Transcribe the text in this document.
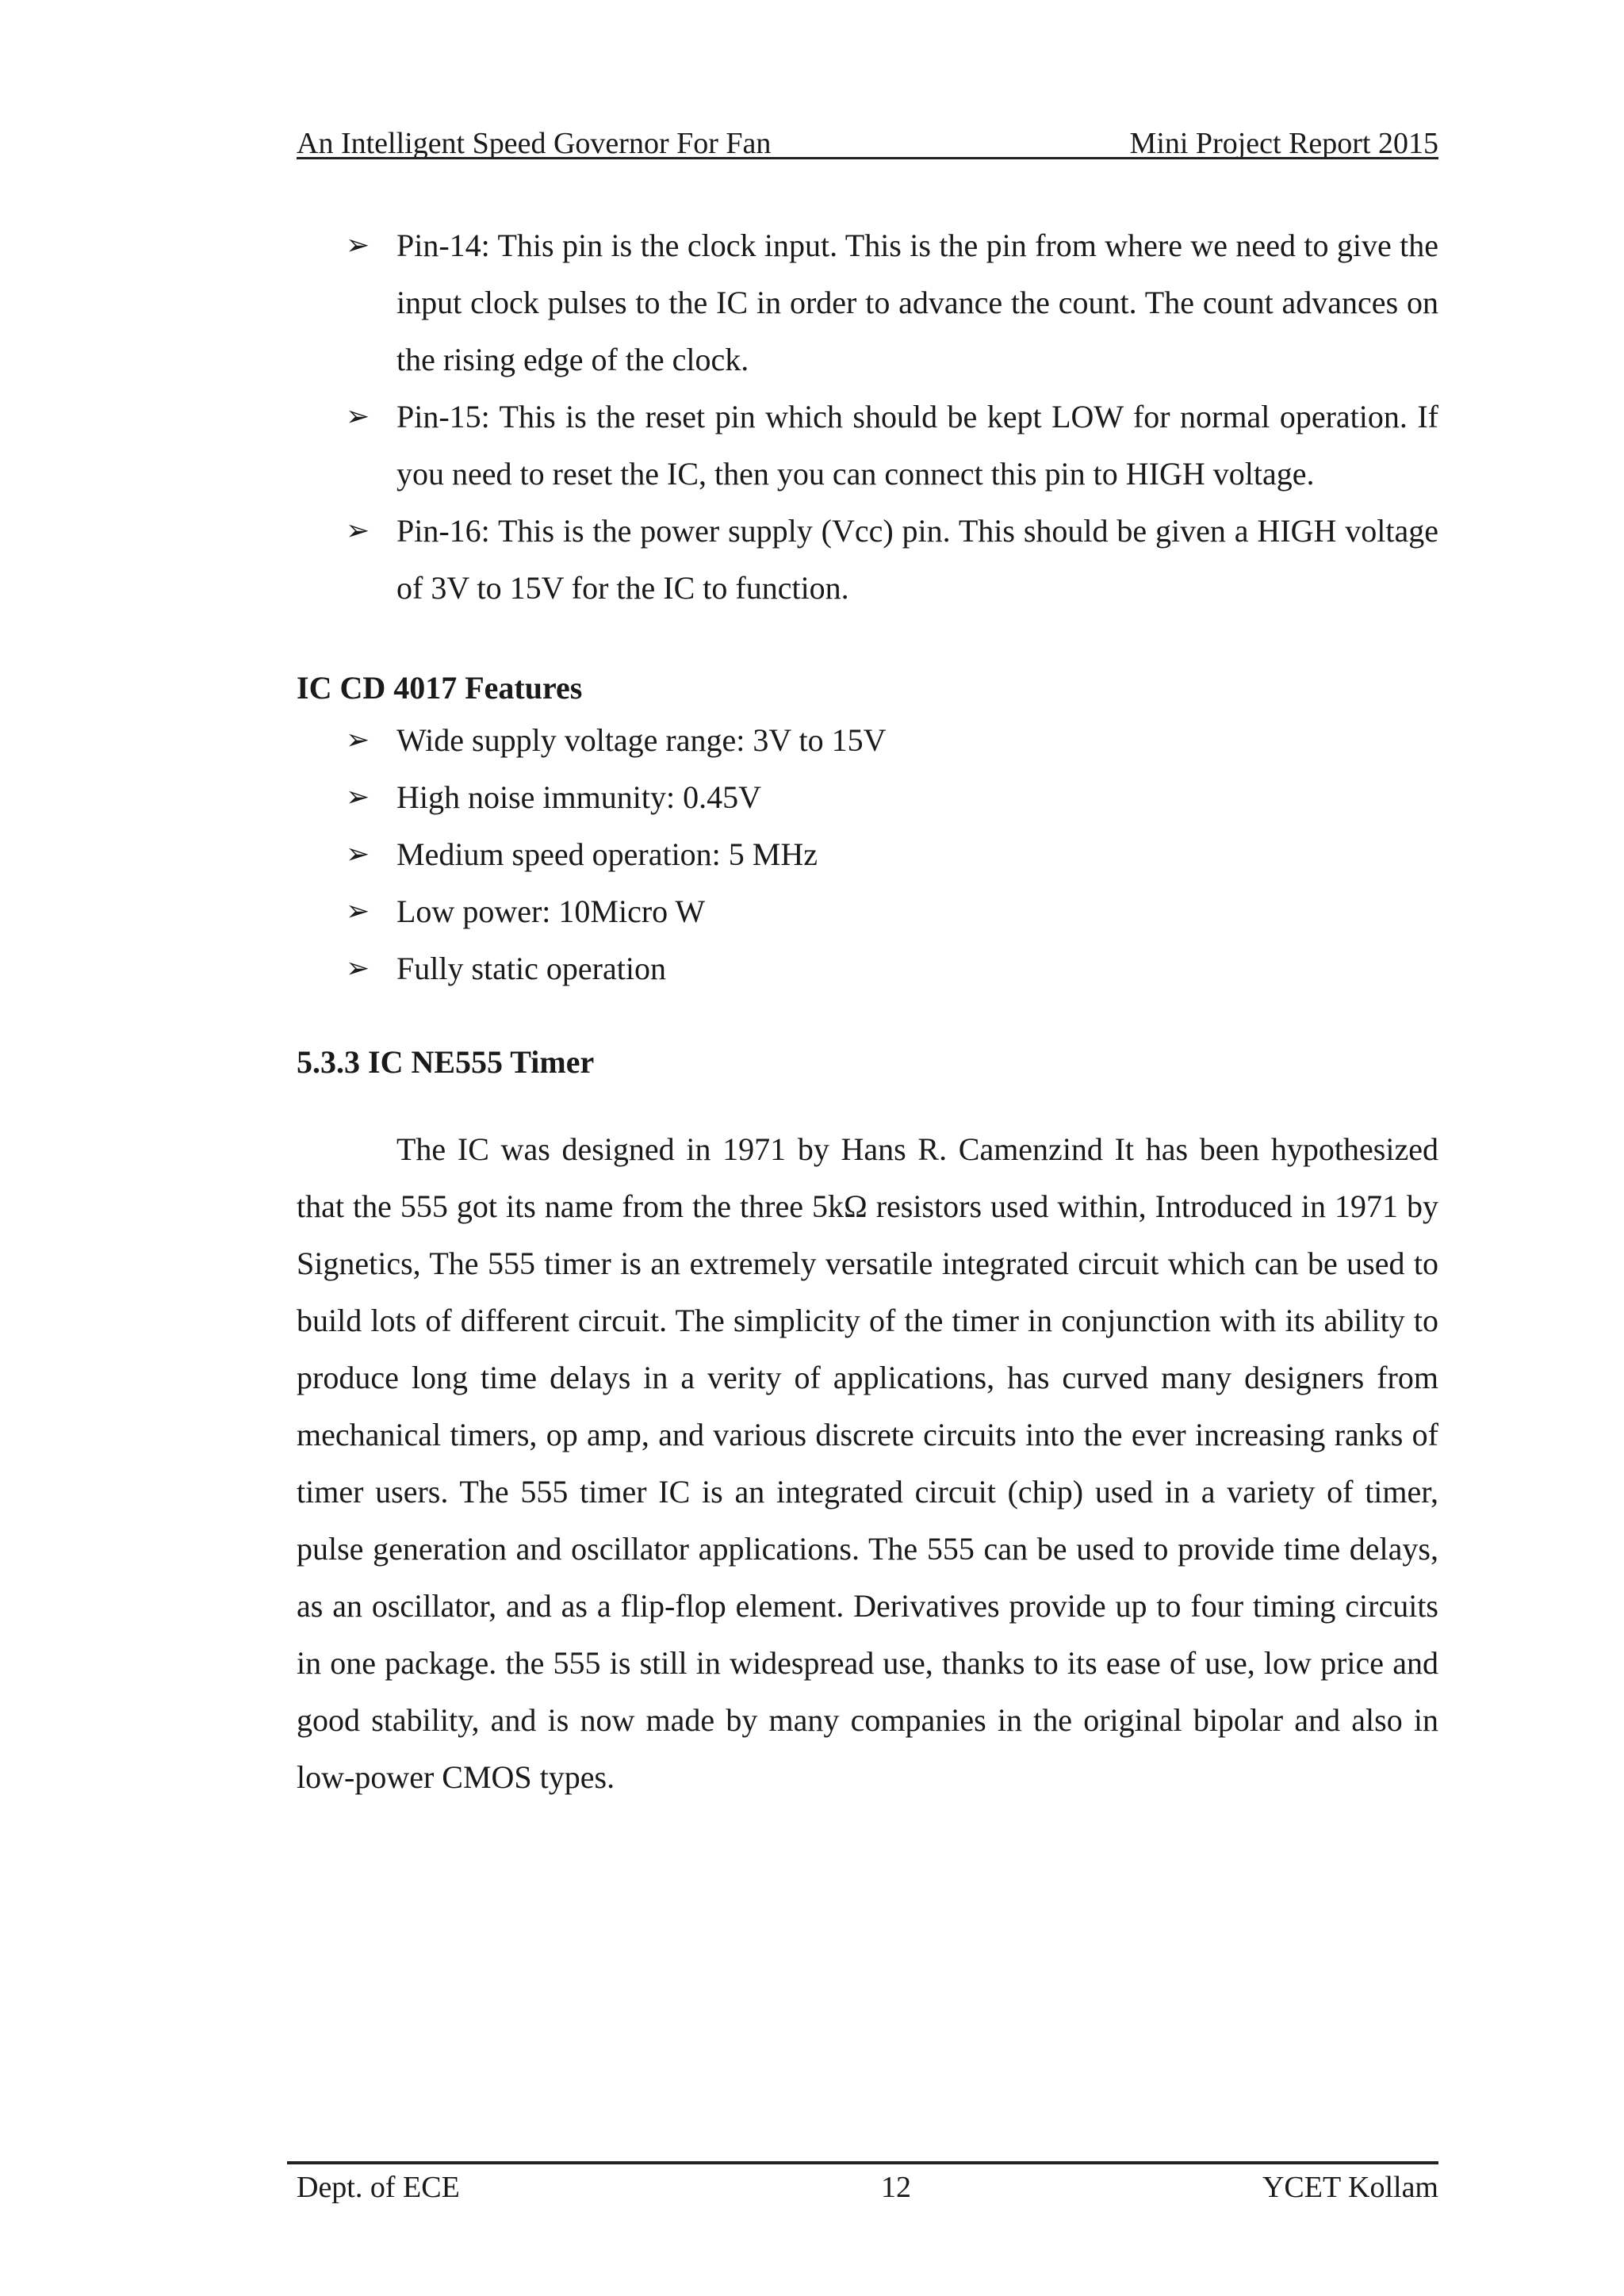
An Intelligent Speed Governor For Fan	Mini Project Report 2015
➢ Pin-14: This pin is the clock input. This is the pin from where we need to give the input clock pulses to the IC in order to advance the count. The count advances on the rising edge of the clock.
➢ Pin-15: This is the reset pin which should be kept LOW for normal operation. If you need to reset the IC, then you can connect this pin to HIGH voltage.
➢ Pin-16: This is the power supply (Vcc) pin. This should be given a HIGH voltage of 3V to 15V for the IC to function.
IC CD 4017 Features
➢ Wide supply voltage range: 3V to 15V
➢ High noise immunity: 0.45V
➢ Medium speed operation: 5 MHz
➢ Low power: 10Micro W
➢ Fully static operation
5.3.3 IC NE555 Timer

The IC was designed in 1971 by Hans R. Camenzind It has been hypothesized that the 555 got its name from the three 5kΩ resistors used within, Introduced in 1971 by Signetics, The 555 timer is an extremely versatile integrated circuit which can be used to build lots of different circuit. The simplicity of the timer in conjunction with its ability to produce long time delays in a verity of applications, has curved many designers from mechanical timers, op amp, and various discrete circuits into the ever increasing ranks of timer users. The 555 timer IC is an integrated circuit (chip) used in a variety of timer, pulse generation and oscillator applications. The 555 can be used to provide time delays, as an oscillator, and as a flip-flop element. Derivatives provide up to four timing circuits in one package. the 555 is still in widespread use, thanks to its ease of use, low price and good stability, and is now made by many companies in the original bipolar and also in low-power CMOS types.

Dept. of ECE	12	YCET Kollam
